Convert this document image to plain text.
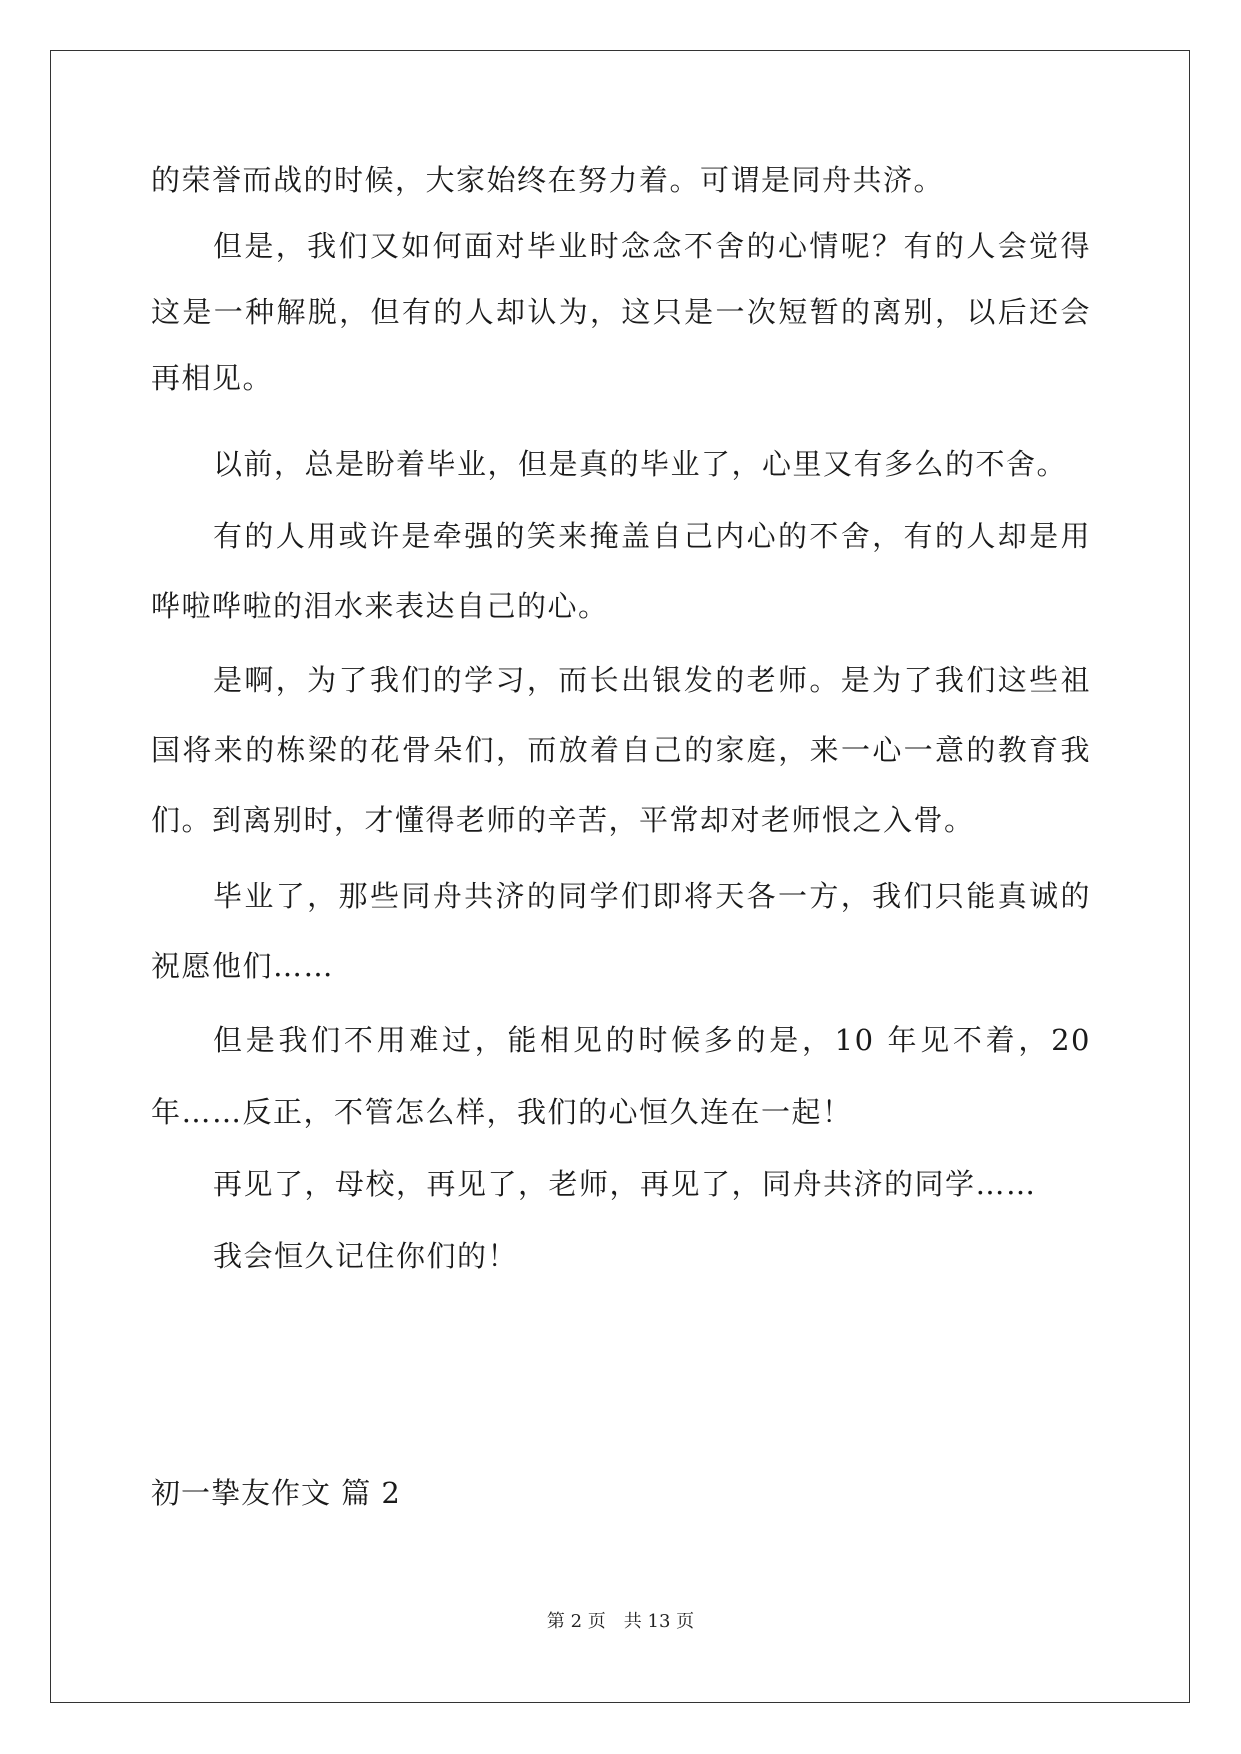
的荣誉而战的时候，大家始终在努力着。可谓是同舟共济。
但是，我们又如何面对毕业时念念不舍的心情呢？有的人会觉得
这是一种解脱，但有的人却认为，这只是一次短暂的离别，以后还会
再相见。
以前，总是盼着毕业，但是真的毕业了，心里又有多么的不舍。
有的人用或许是牵强的笑来掩盖自己内心的不舍，有的人却是用
哗啦哗啦的泪水来表达自己的心。
是啊，为了我们的学习，而长出银发的老师。是为了我们这些祖
国将来的栋梁的花骨朵们，而放着自己的家庭，来一心一意的教育我
们。到离别时，才懂得老师的辛苦，平常却对老师恨之入骨。
毕业了，那些同舟共济的同学们即将天各一方，我们只能真诚的
祝愿他们……
但是我们不用难过，能相见的时候多的是，10 年见不着，20
年……反正，不管怎么样，我们的心恒久连在一起！
再见了，母校，再见了，老师，再见了，同舟共济的同学……
我会恒久记住你们的！
初一挚友作文 篇 2
第 2 页　共 13 页
